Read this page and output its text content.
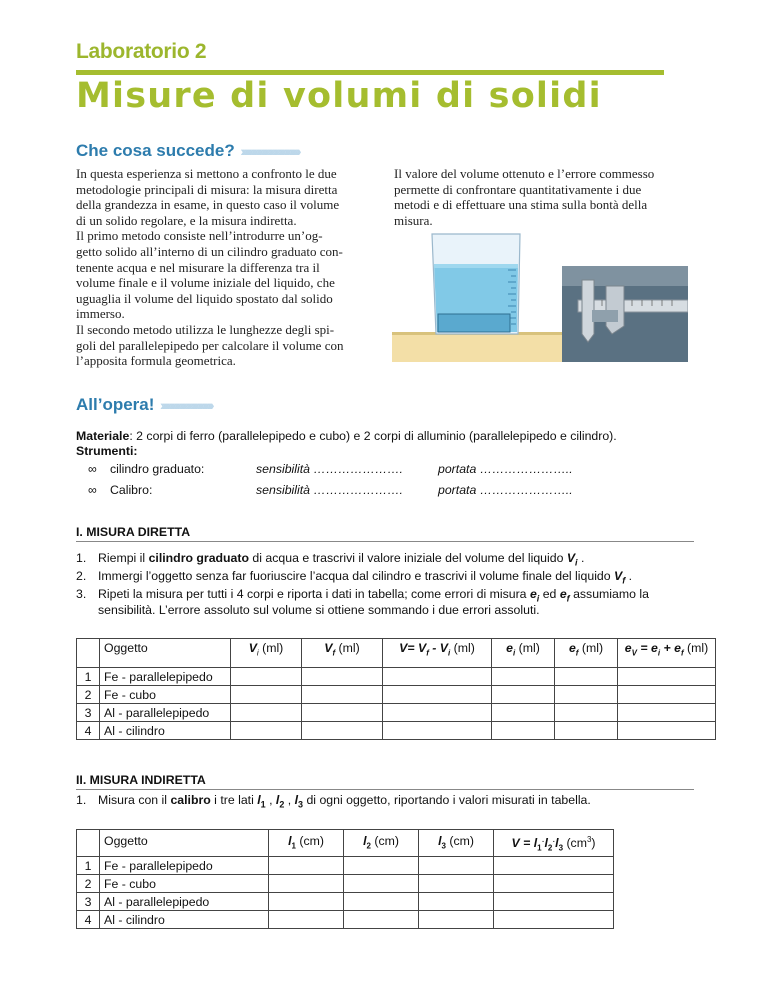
Laboratorio 2
Misure di volumi di solidi
Che cosa succede?  ›››››››››››››››››››››››››››››››››››
In questa esperienza si mettono a confronto le due
metodologie principali di misura: la misura diretta
della grandezza in esame, in questo caso il volume
di un solido regolare, e la misura indiretta.
Il primo metodo consiste nell’introdurre un’og-
getto solido all’interno di un cilindro graduato con-
tenente acqua e nel misurare la differenza tra il
volume finale e il volume iniziale del liquido, che
uguaglia il volume del liquido spostato dal solido
immerso.
Il secondo metodo utilizza le lunghezze degli spi-
goli del parallelepipedo per calcolare il volume con
l’apposita formula geometrica.
Il valore del volume ottenuto e l’errore commesso
permette di confrontare quantitativamente i due
metodi e di effettuare una stima sulla bontà della
misura.
All’opera!  ›››››››››››››››››››››››››››››››
Materiale: 2 corpi di ferro (parallelepipedo e cubo) e 2 corpi di alluminio (parallelepipedo e cilindro).
Strumenti:
∞ cilindro graduato:	sensibilità ………………….	portata …………………..
∞ Calibro:	sensibilità ………………….	portata …………………..
I. MISURA DIRETTA
1. Riempi il cilindro graduato di acqua e trascrivi il valore iniziale del volume del liquido $V_i$ .
2. Immergi l’oggetto senza far fuoriuscire l’acqua dal cilindro e trascrivi il volume finale del liquido $V_f$ .
3. Ripeti la misura per tutti i 4 corpi e riporta i dati in tabella; come errori di misura $e_i$ ed $e_f$ assumiamo la
sensibilità. L’errore assoluto sul volume si ottiene sommando i due errori assoluti.
	Oggetto	$V_i$ (ml)	$V_f$ (ml)	$V= V_f - V_i$ (ml)	$e_i$ (ml)	$e_f$ (ml)	$e_V = e_i + e_f$ (ml)
1	Fe - parallelepipedo						
2	Fe - cubo						
3	Al - parallelepipedo						
4	Al - cilindro						
II. MISURA INDIRETTA
1. Misura con il calibro i tre lati $l_1$ , $l_2$ , $l_3$ di ogni oggetto, riportando i valori misurati in tabella.
	Oggetto	$l_1$ (cm)	$l_2$ (cm)	$l_3$ (cm)	$V = l_1^.l_2^.l_3$ $(cm^3)$
1	Fe - parallelepipedo				
2	Fe - cubo				
3	Al - parallelepipedo				
4	Al - cilindro				
